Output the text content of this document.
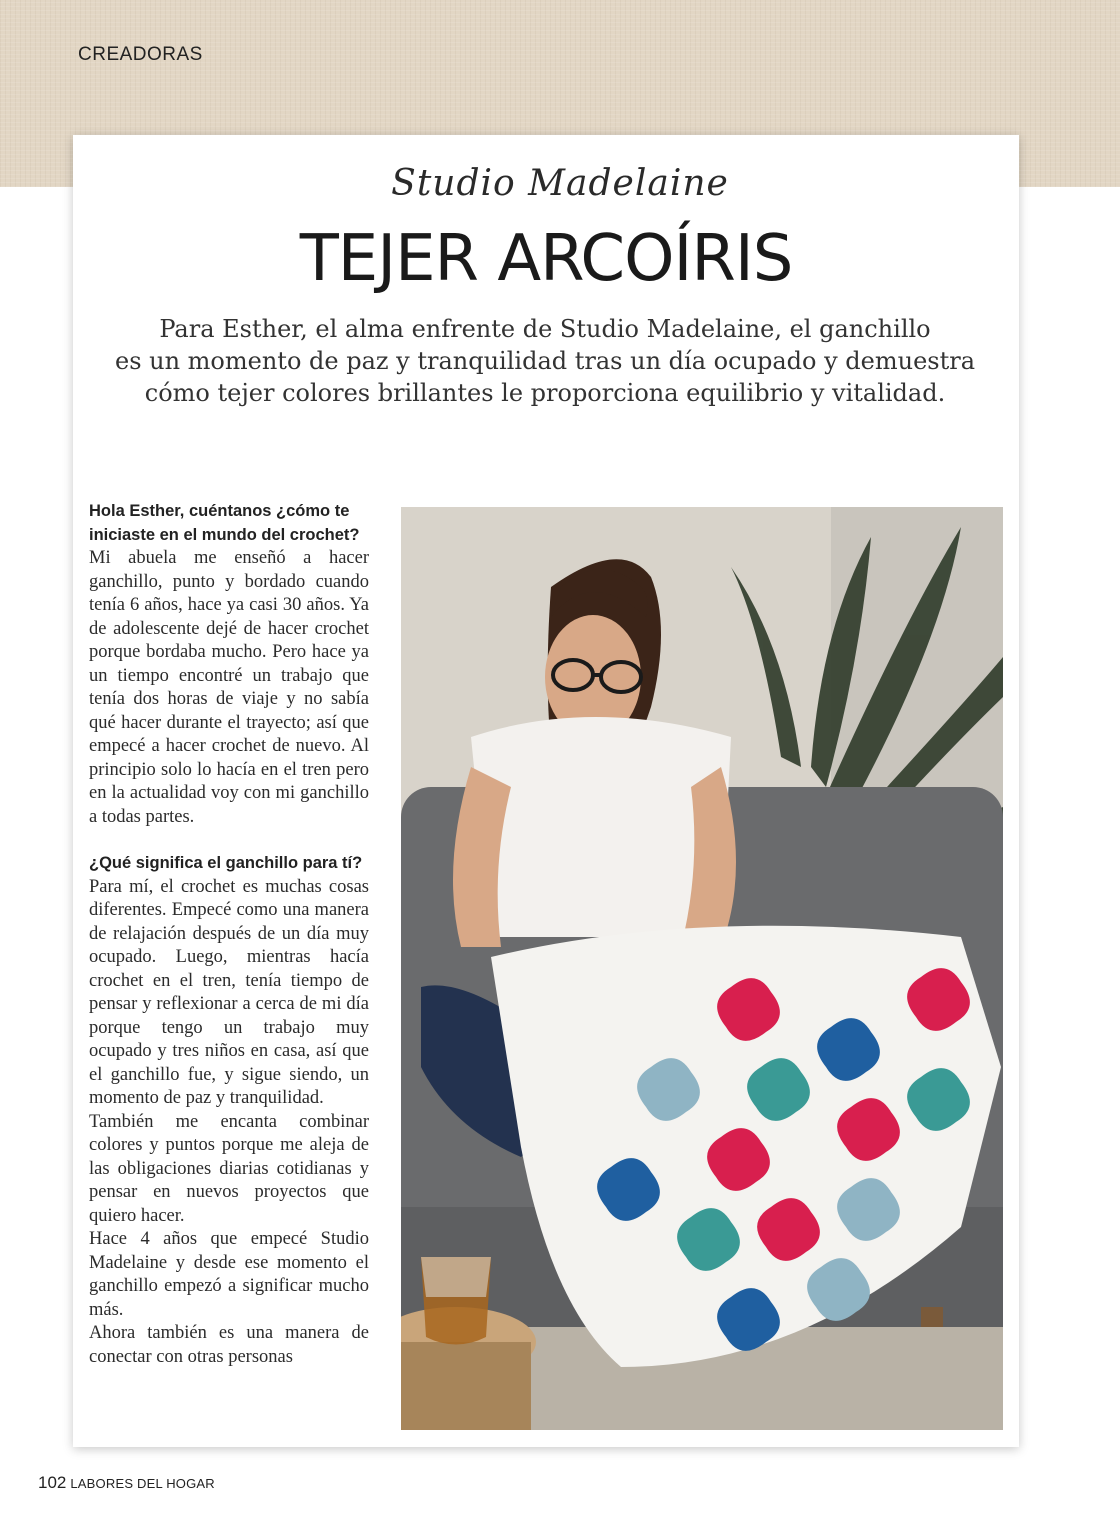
CREADORAS
Studio Madelaine
TEJER ARCOÍRIS
Para Esther, el alma enfrente de Studio Madelaine, el ganchillo
es un momento de paz y tranquilidad tras un día ocupado y demuestra
cómo tejer colores brillantes le proporciona equilibrio y vitalidad.

Hola Esther, cuéntanos ¿cómo te iniciaste en el mundo del crochet?

Mi abuela me enseñó a hacer ganchillo, punto y bordado cuando tenía 6 años, hace ya casi 30 años. Ya de adolescente dejé de hacer crochet porque bordaba mucho. Pero hace ya un tiempo encontré un trabajo que tenía dos horas de viaje y no sabía qué hacer durante el trayecto; así que empecé a hacer crochet de nuevo. Al principio solo lo hacía en el tren pero en la actualidad voy con mi ganchillo a todas partes.

¿Qué significa el ganchillo para tí?

Para mí, el crochet es muchas cosas diferentes. Empecé como una manera de relajación después de un día muy ocupado. Luego, mientras hacía crochet en el tren, tenía tiempo de pensar y reflexionar a cerca de mi día porque tengo un trabajo muy ocupado y tres niños en casa, así que el ganchillo fue, y sigue siendo, un momento de paz y tranquilidad.

También me encanta combinar colores y puntos porque me aleja de las obligaciones diarias cotidianas y pensar en nuevos proyectos que quiero hacer.

Hace 4 años que empecé Studio Madelaine y desde ese momento el ganchillo empezó a significar mucho más.

Ahora también es una manera de conectar con otras personas

102 LABORES DEL HOGAR
